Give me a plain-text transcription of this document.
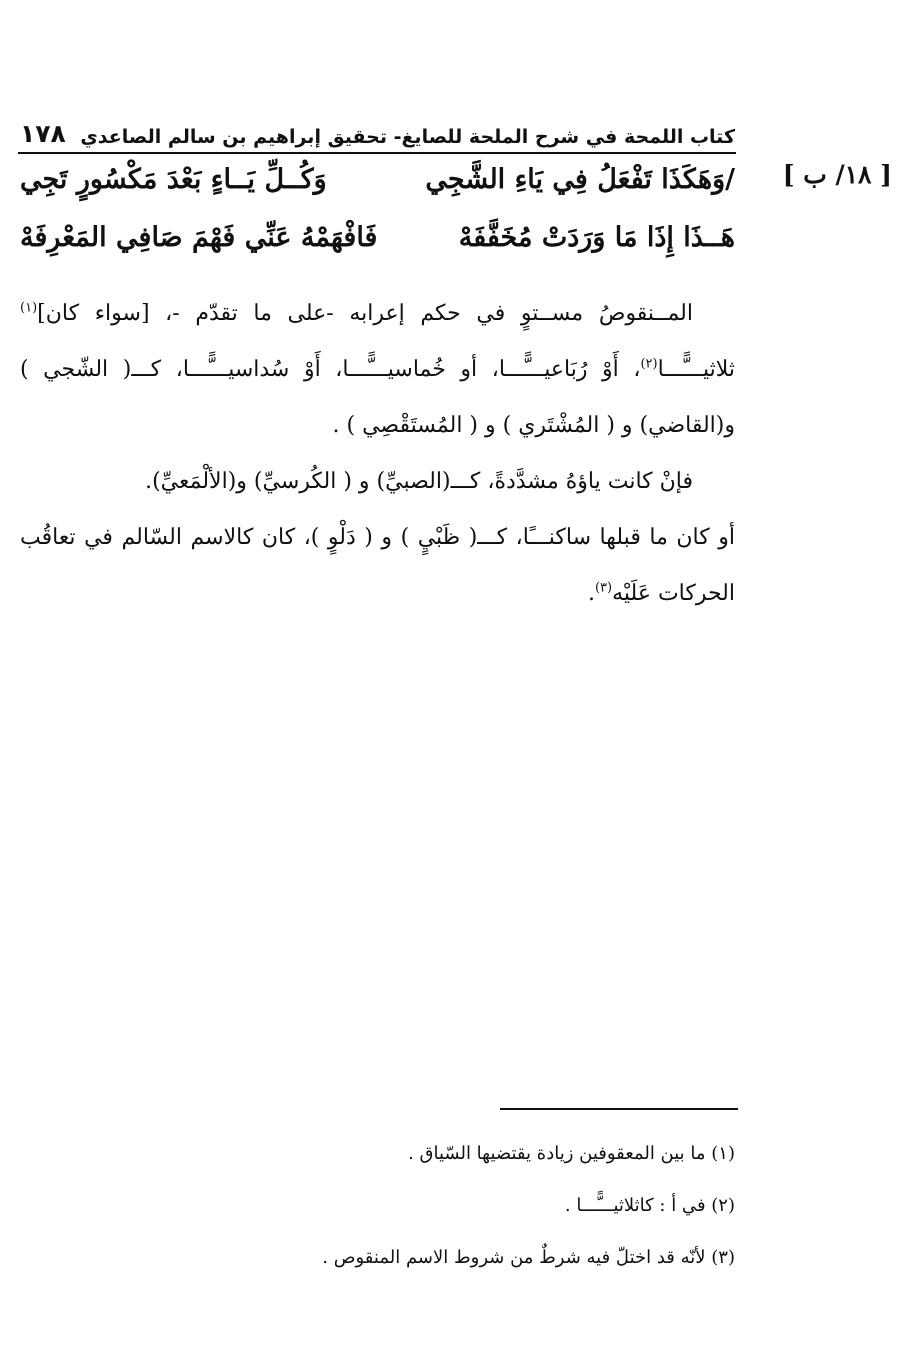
كتاب اللمحة في شرح الملحة للصايغ- تحقيق إبراهيم بن سالم الصاعدي
١٧٨
[ ١٨/ ب ]
/وَهَكَذَا تَفْعَلُ فِي يَاءِ الشَّجِي
وَكُــلِّ يَــاءٍ بَعْدَ مَكْسُورٍ تَجِي
هَــذَا إِذَا مَا وَرَدَتْ مُخَفَّفَهْ
فَافْهَمْهُ عَنِّي فَهْمَ صَافِي المَعْرِفَهْ

المــنقوصُ مســتوٍ في حكم إعرابه -على ما تقدّم -، [سواء كان]$^{(١)}$ ثلاثيـــًّـــا$^{(٢)}$، أَوْ رُبَاعيـــًّـــا، أو خُماسيـــًّـــا، أَوْ سُداسيـــًّـــا، كـــ( الشّجي ) و(القاضي) و ( المُشْتَري ) و ( المُستَقْصِي ) .

فإنْ كانت ياؤهُ مشدَّدةً، كـــ(الصبيِّ) و ( الكُرسيِّ) و(الألْمَعيِّ).

أو كان ما قبلها ساكنـــًا، كـــ( ظَبْيٍ ) و ( دَلْوٍ )، كان كالاسم السّالم في تعاقُب الحركات عَلَيْه$^{(٣)}$.

(١) ما بين المعقوفين زيادة يقتضيها السّياق .
(٢) في أ : كاثلاثيـــًّـــا .
(٣) لأنّه قد اختلّ فيه شرطٌ من شروط الاسم المنقوص .
